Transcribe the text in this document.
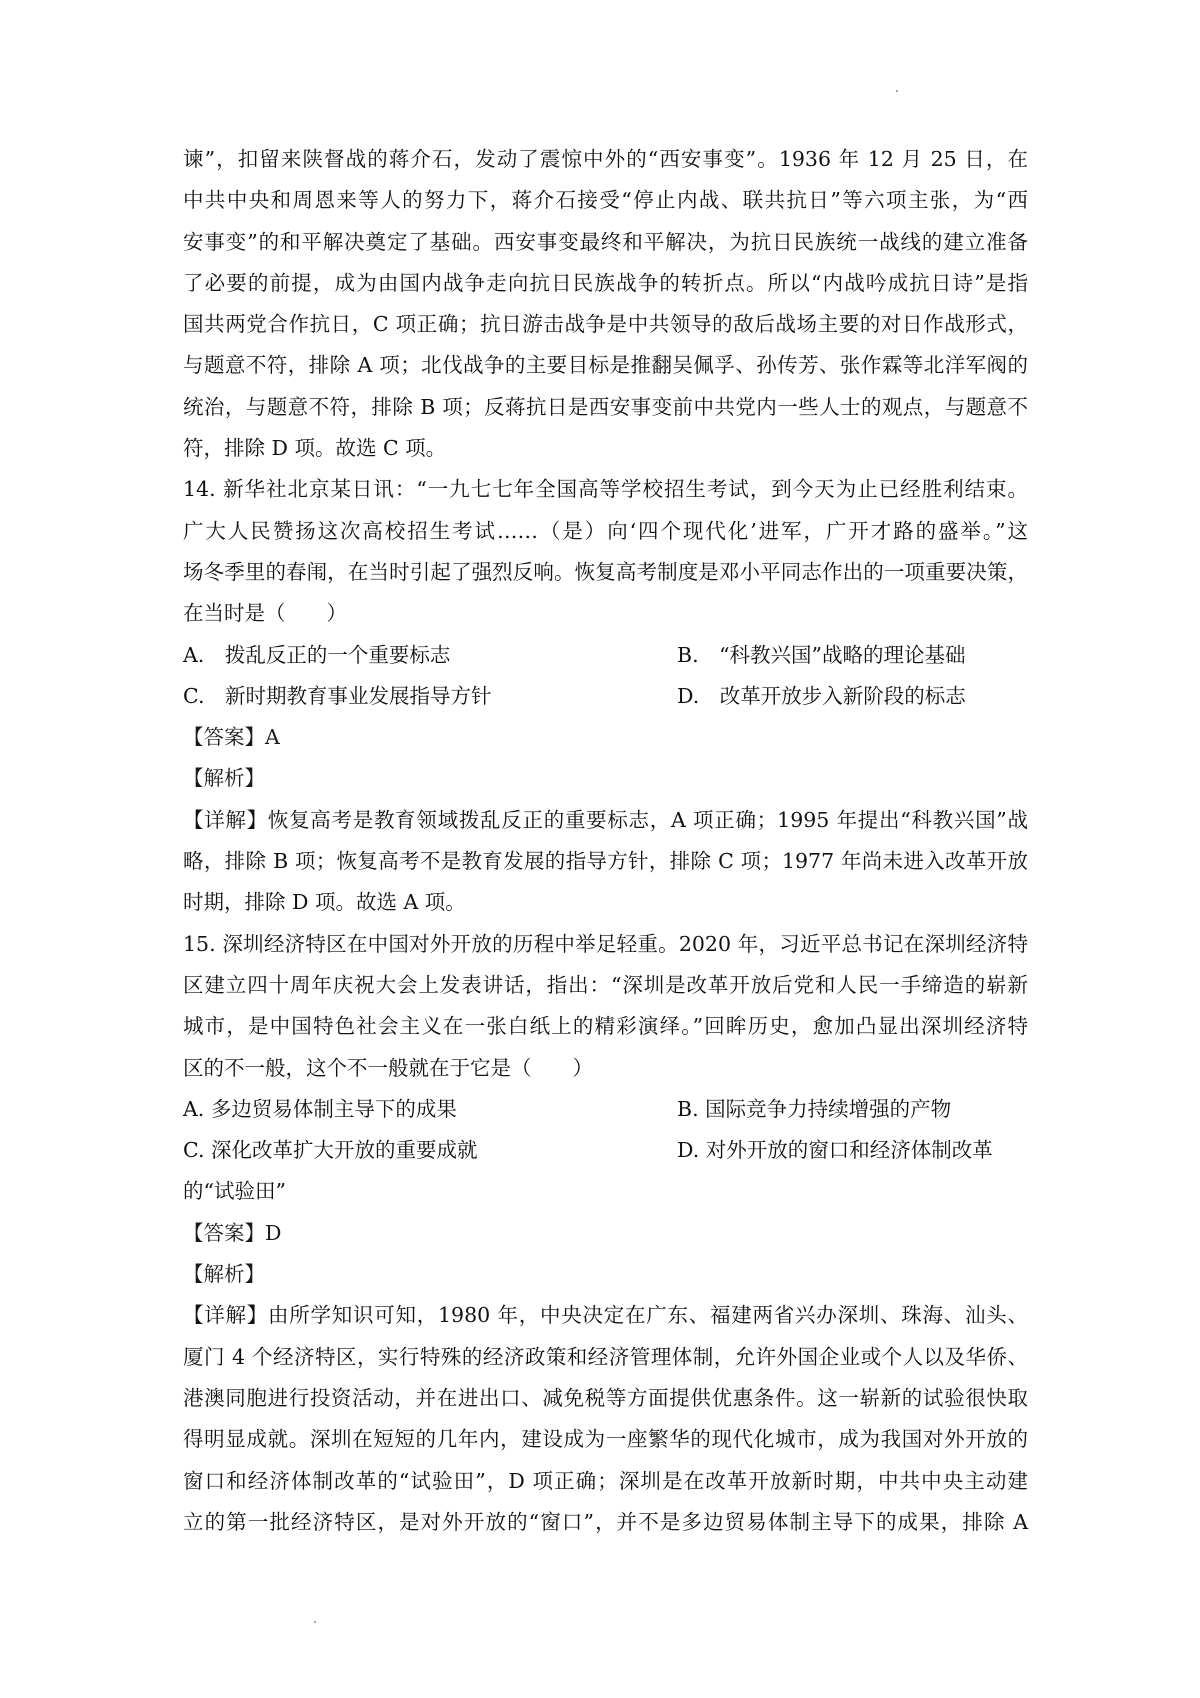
谏”，扣留来陕督战的蒋介石，发动了震惊中外的“西安事变”。1936 年 12 月 25 日，在
中共中央和周恩来等人的努力下，蒋介石接受“停止内战、联共抗日”等六项主张，为“西
安事变”的和平解决奠定了基础。西安事变最终和平解决，为抗日民族统一战线的建立准备
了必要的前提，成为由国内战争走向抗日民族战争的转折点。所以“内战吟成抗日诗”是指
国共两党合作抗日，C 项正确；抗日游击战争是中共领导的敌后战场主要的对日作战形式，
与题意不符，排除 A 项；北伐战争的主要目标是推翻吴佩孚、孙传芳、张作霖等北洋军阀的
统治，与题意不符，排除 B 项；反蒋抗日是西安事变前中共党内一些人士的观点，与题意不
符，排除 D 项。故选 C 项。
14. 新华社北京某日讯：“一九七七年全国高等学校招生考试，到今天为止已经胜利结束。
广大人民赞扬这次高校招生考试……（是）向‘四个现代化’进军，广开才路的盛举。”这
场冬季里的春闱，在当时引起了强烈反响。恢复高考制度是邓小平同志作出的一项重要决策，
在当时是（　　）
A.　拨乱反正的一个重要标志	B.　“科教兴国”战略的理论基础
C.　新时期教育事业发展指导方针	D.　改革开放步入新阶段的标志
【答案】A
【解析】
【详解】恢复高考是教育领域拨乱反正的重要标志，A 项正确；1995 年提出“科教兴国”战
略，排除 B 项；恢复高考不是教育发展的指导方针，排除 C 项；1977 年尚未进入改革开放
时期，排除 D 项。故选 A 项。
15. 深圳经济特区在中国对外开放的历程中举足轻重。2020 年，习近平总书记在深圳经济特
区建立四十周年庆祝大会上发表讲话，指出：“深圳是改革开放后党和人民一手缔造的崭新
城市，是中国特色社会主义在一张白纸上的精彩演绎。”回眸历史，愈加凸显出深圳经济特
区的不一般，这个不一般就在于它是（　　）
A. 多边贸易体制主导下的成果	B. 国际竞争力持续增强的产物
C. 深化改革扩大开放的重要成就	D. 对外开放的窗口和经济体制改革
的“试验田”
【答案】D
【解析】
【详解】由所学知识可知，1980 年，中央决定在广东、福建两省兴办深圳、珠海、汕头、
厦门 4 个经济特区，实行特殊的经济政策和经济管理体制，允许外国企业或个人以及华侨、
港澳同胞进行投资活动，并在进出口、减免税等方面提供优惠条件。这一崭新的试验很快取
得明显成就。深圳在短短的几年内，建设成为一座繁华的现代化城市，成为我国对外开放的
窗口和经济体制改革的“试验田”，D 项正确；深圳是在改革开放新时期，中共中央主动建
立的第一批经济特区，是对外开放的“窗口”，并不是多边贸易体制主导下的成果，排除 A
